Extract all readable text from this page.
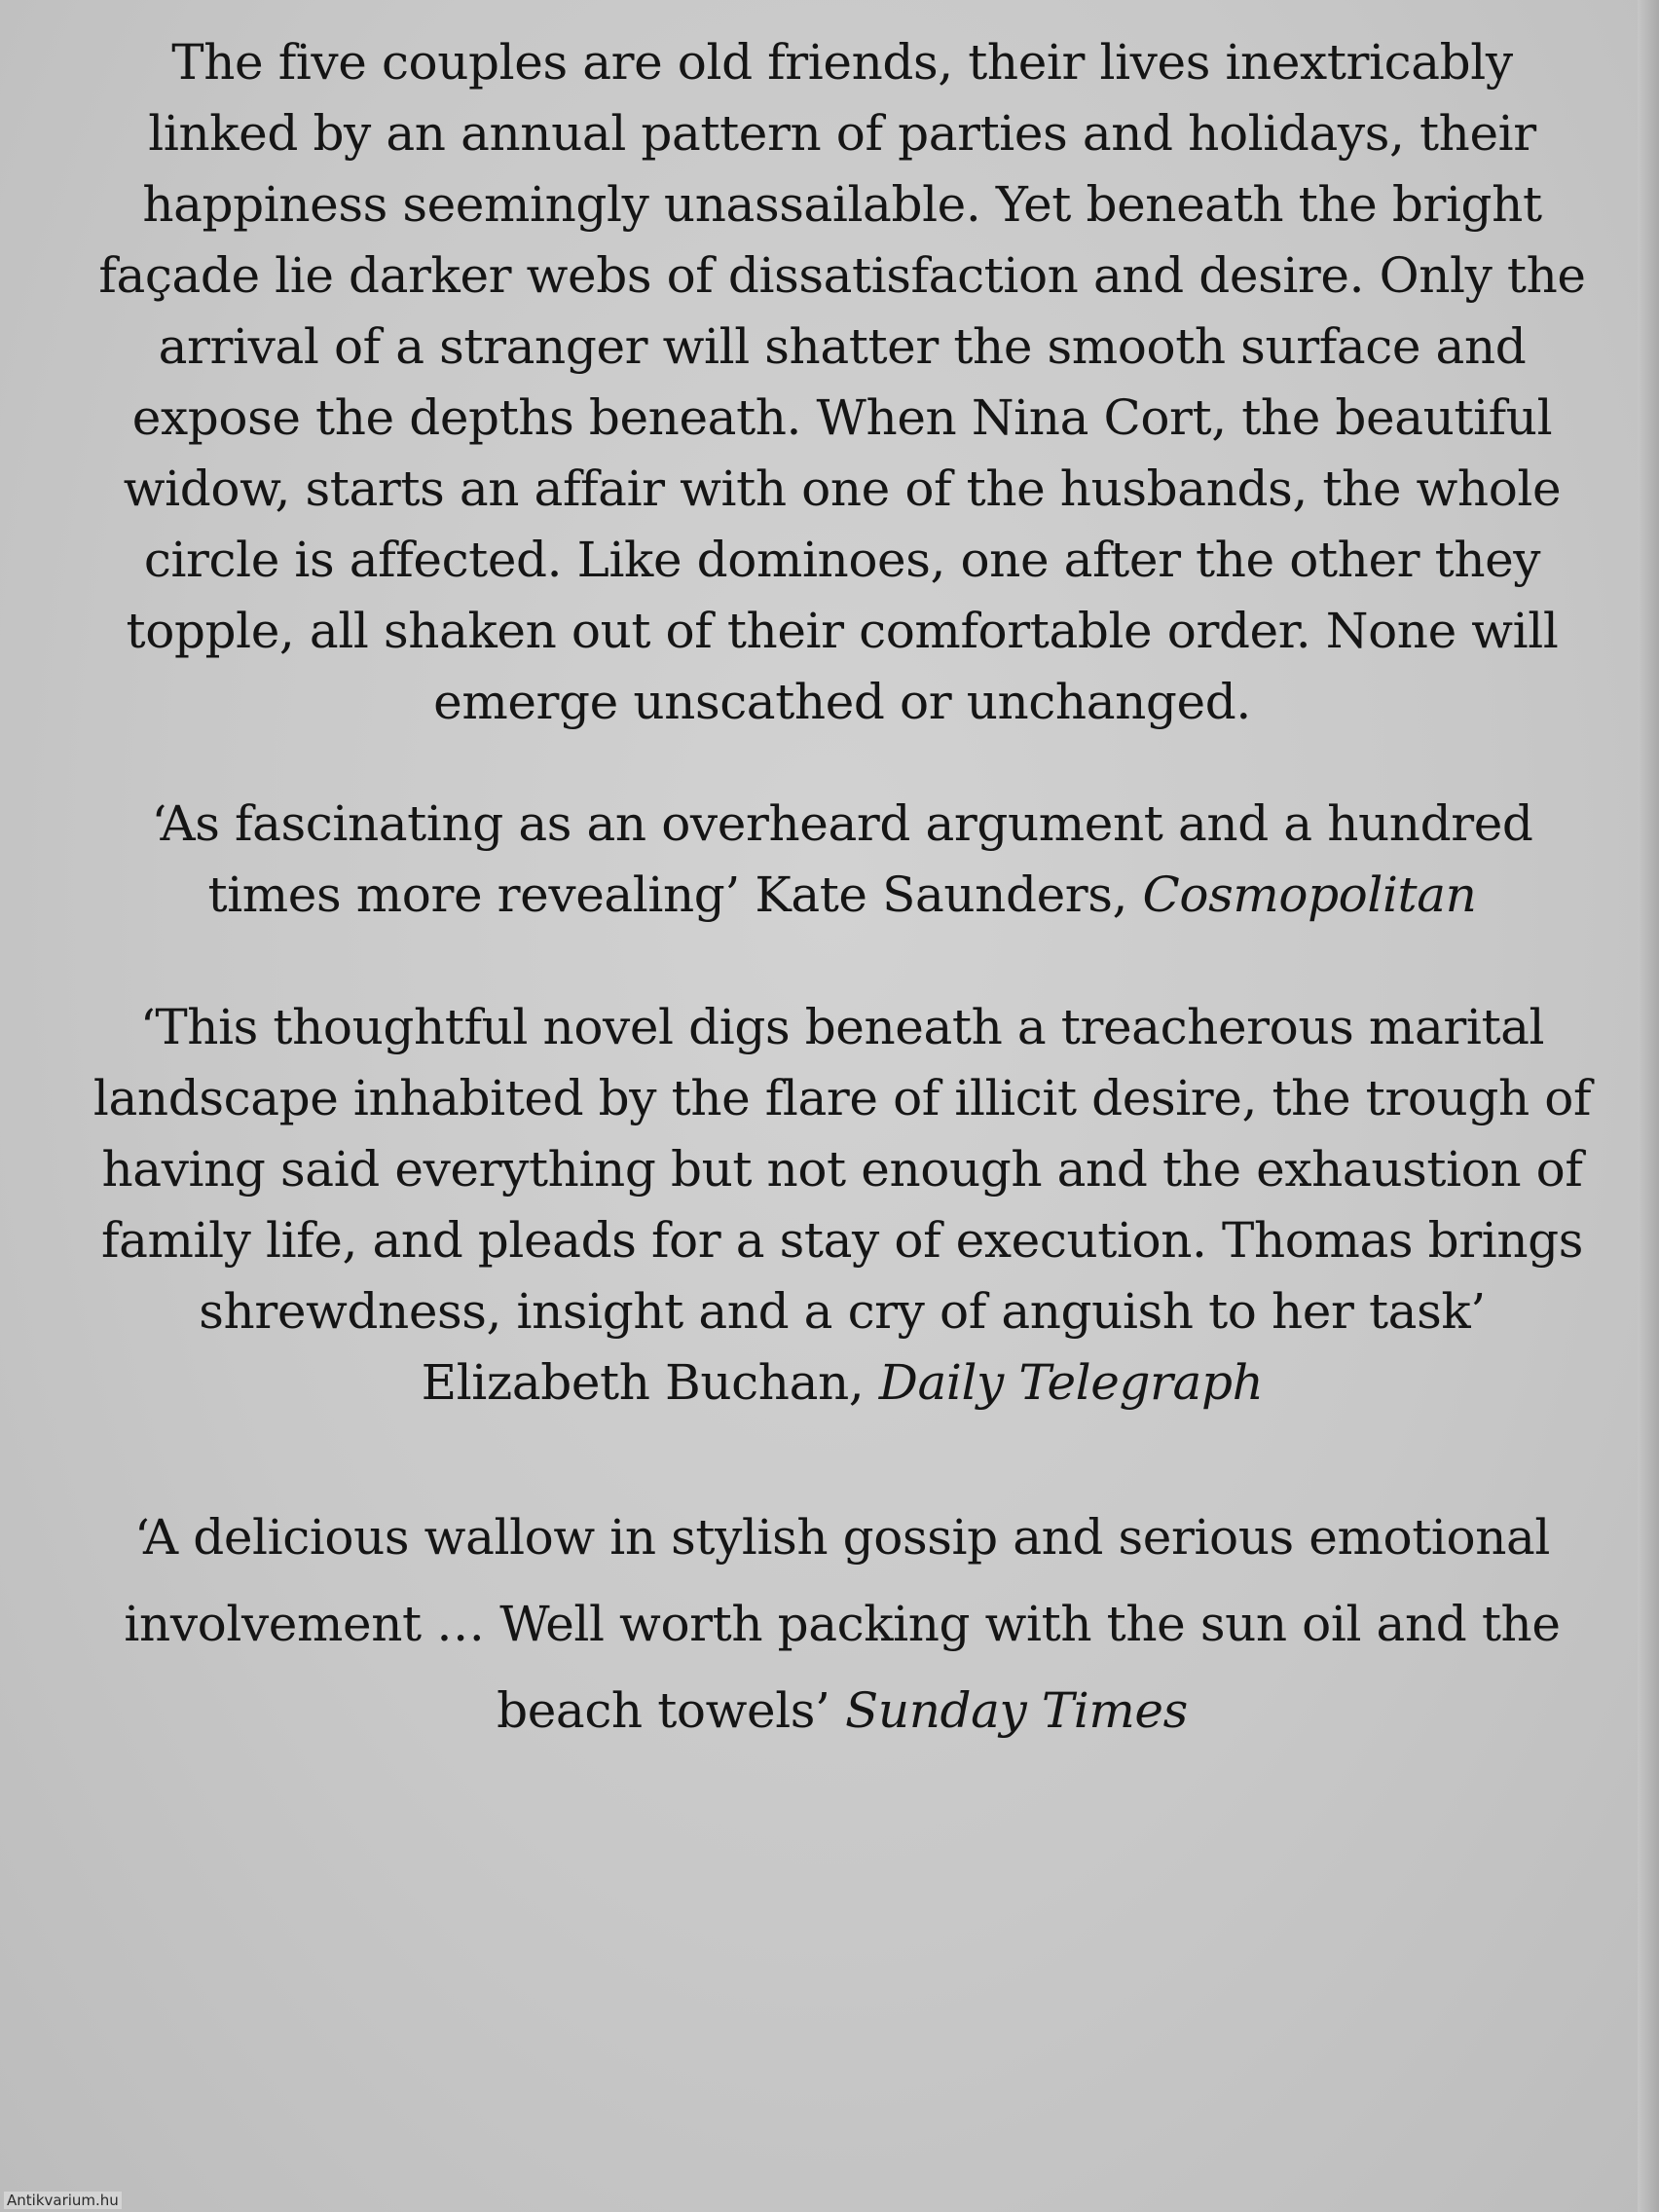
The five couples are old friends, their lives inextricably
linked by an annual pattern of parties and holidays, their
happiness seemingly unassailable. Yet beneath the bright
façade lie darker webs of dissatisfaction and desire. Only the
arrival of a stranger will shatter the smooth surface and
expose the depths beneath. When Nina Cort, the beautiful
widow, starts an affair with one of the husbands, the whole
circle is affected. Like dominoes, one after the other they
topple, all shaken out of their comfortable order. None will
emerge unscathed or unchanged.

‘As fascinating as an overheard argument and a hundred
times more revealing’ Kate Saunders, Cosmopolitan

‘This thoughtful novel digs beneath a treacherous marital
landscape inhabited by the flare of illicit desire, the trough of
having said everything but not enough and the exhaustion of
family life, and pleads for a stay of execution. Thomas brings
shrewdness, insight and a cry of anguish to her task’
Elizabeth Buchan, Daily Telegraph

‘A delicious wallow in stylish gossip and serious emotional
involvement … Well worth packing with the sun oil and the
beach towels’ Sunday Times

Antikvarium.hu
